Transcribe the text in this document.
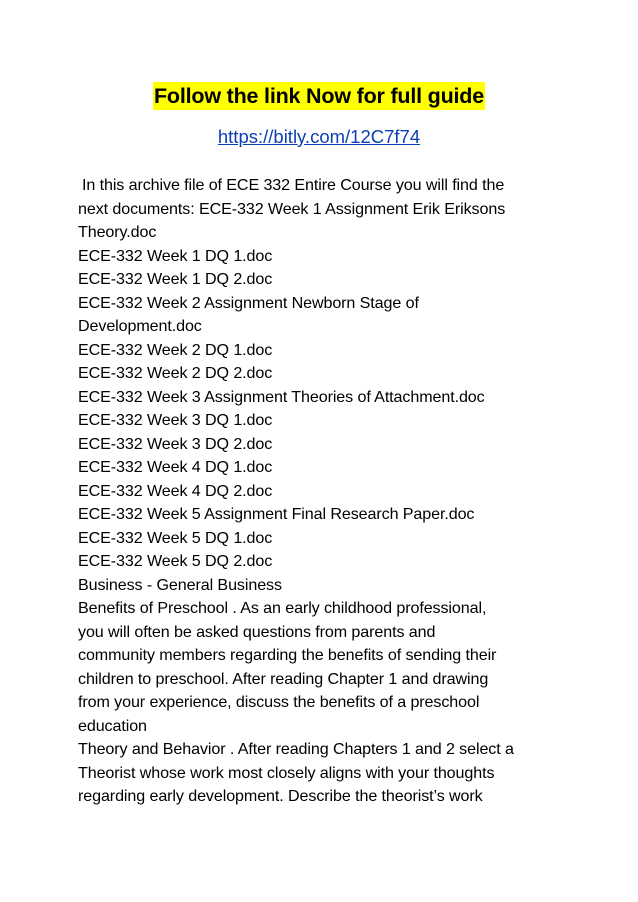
Follow the link Now for full guide
https://bitly.com/12C7f74
In this archive file of ECE 332 Entire Course you will find the
next documents: ECE-332 Week 1 Assignment Erik Eriksons
Theory.doc
ECE-332 Week 1 DQ 1.doc
ECE-332 Week 1 DQ 2.doc
ECE-332 Week 2 Assignment Newborn Stage of
Development.doc
ECE-332 Week 2 DQ 1.doc
ECE-332 Week 2 DQ 2.doc
ECE-332 Week 3 Assignment Theories of Attachment.doc
ECE-332 Week 3 DQ 1.doc
ECE-332 Week 3 DQ 2.doc
ECE-332 Week 4 DQ 1.doc
ECE-332 Week 4 DQ 2.doc
ECE-332 Week 5 Assignment Final Research Paper.doc
ECE-332 Week 5 DQ 1.doc
ECE-332 Week 5 DQ 2.doc
Business - General Business
Benefits of Preschool . As an early childhood professional,
you will often be asked questions from parents and
community members regarding the benefits of sending their
children to preschool. After reading Chapter 1 and drawing
from your experience, discuss the benefits of a preschool
education
Theory and Behavior . After reading Chapters 1 and 2 select a
Theorist whose work most closely aligns with your thoughts
regarding early development. Describe the theorist’s work
